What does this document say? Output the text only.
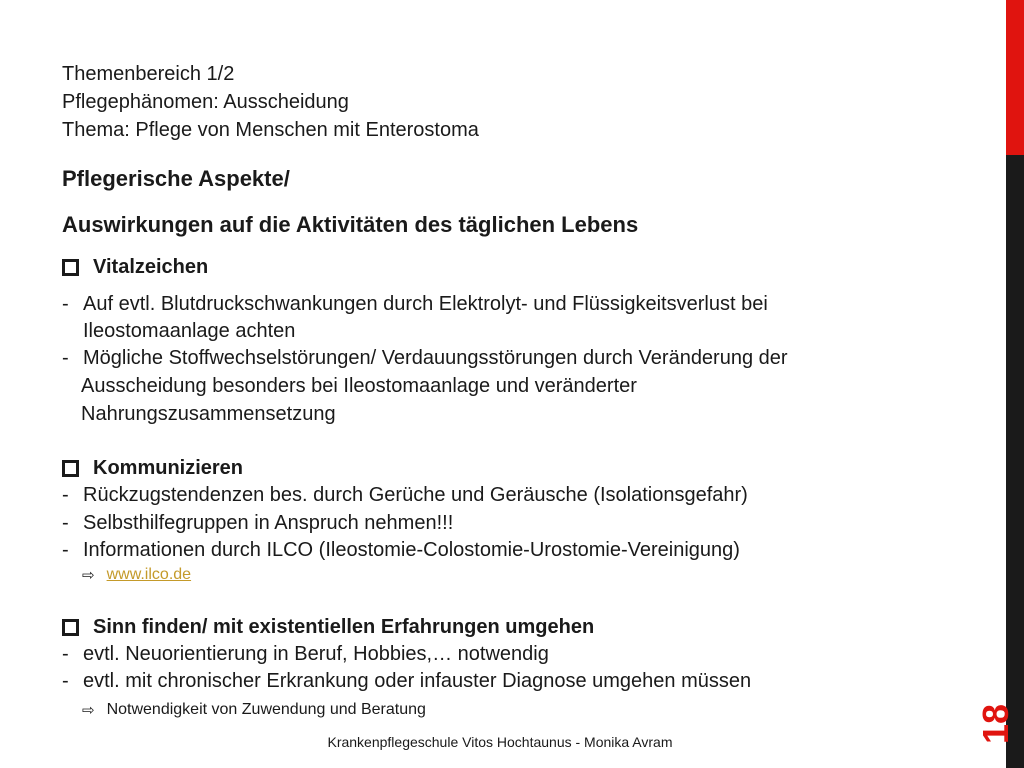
18
Themenbereich 1/2
Pflegephänomen: Ausscheidung
Thema: Pflege von Menschen mit Enterostoma
Pflegerische Aspekte/
Auswirkungen auf die Aktivitäten des täglichen Lebens
Vitalzeichen
- Auf evtl. Blutdruckschwankungen durch Elektrolyt- und Flüssigkeitsverlust bei
Ileostomaanlage achten
- Mögliche Stoffwechselstörungen/ Verdauungsstörungen durch Veränderung der
Ausscheidung besonders bei Ileostomaanlage und veränderter
Nahrungszusammensetzung
Kommunizieren
- Rückzugstendenzen bes. durch Gerüche und Geräusche (Isolationsgefahr)
- Selbsthilfegruppen in Anspruch nehmen!!!
- Informationen durch ILCO (Ileostomie-Colostomie-Urostomie-Vereinigung)
⇨ www.ilco.de
Sinn finden/ mit existentiellen Erfahrungen umgehen
- evtl. Neuorientierung in Beruf, Hobbies,… notwendig
- evtl. mit chronischer Erkrankung oder infauster Diagnose umgehen müssen
⇨ Notwendigkeit von Zuwendung und Beratung
Krankenpflegeschule Vitos Hochtaunus - Monika Avram
